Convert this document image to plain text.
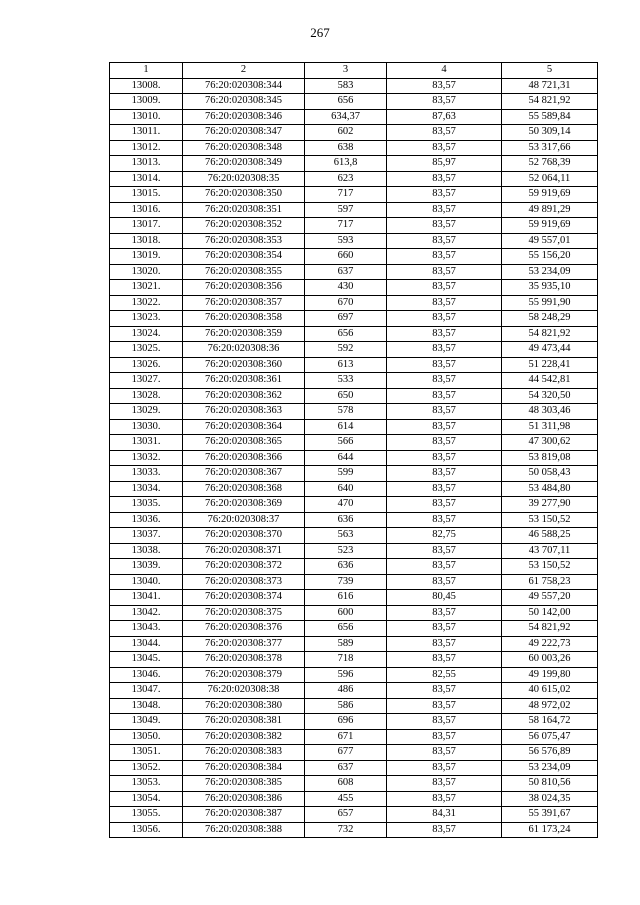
267
1	2	3	4	5
13008.	76:20:020308:344	583	83,57	48 721,31
13009.	76:20:020308:345	656	83,57	54 821,92
13010.	76:20:020308:346	634,37	87,63	55 589,84
13011.	76:20:020308:347	602	83,57	50 309,14
13012.	76:20:020308:348	638	83,57	53 317,66
13013.	76:20:020308:349	613,8	85,97	52 768,39
13014.	76:20:020308:35	623	83,57	52 064,11
13015.	76:20:020308:350	717	83,57	59 919,69
13016.	76:20:020308:351	597	83,57	49 891,29
13017.	76:20:020308:352	717	83,57	59 919,69
13018.	76:20:020308:353	593	83,57	49 557,01
13019.	76:20:020308:354	660	83,57	55 156,20
13020.	76:20:020308:355	637	83,57	53 234,09
13021.	76:20:020308:356	430	83,57	35 935,10
13022.	76:20:020308:357	670	83,57	55 991,90
13023.	76:20:020308:358	697	83,57	58 248,29
13024.	76:20:020308:359	656	83,57	54 821,92
13025.	76:20:020308:36	592	83,57	49 473,44
13026.	76:20:020308:360	613	83,57	51 228,41
13027.	76:20:020308:361	533	83,57	44 542,81
13028.	76:20:020308:362	650	83,57	54 320,50
13029.	76:20:020308:363	578	83,57	48 303,46
13030.	76:20:020308:364	614	83,57	51 311,98
13031.	76:20:020308:365	566	83,57	47 300,62
13032.	76:20:020308:366	644	83,57	53 819,08
13033.	76:20:020308:367	599	83,57	50 058,43
13034.	76:20:020308:368	640	83,57	53 484,80
13035.	76:20:020308:369	470	83,57	39 277,90
13036.	76:20:020308:37	636	83,57	53 150,52
13037.	76:20:020308:370	563	82,75	46 588,25
13038.	76:20:020308:371	523	83,57	43 707,11
13039.	76:20:020308:372	636	83,57	53 150,52
13040.	76:20:020308:373	739	83,57	61 758,23
13041.	76:20:020308:374	616	80,45	49 557,20
13042.	76:20:020308:375	600	83,57	50 142,00
13043.	76:20:020308:376	656	83,57	54 821,92
13044.	76:20:020308:377	589	83,57	49 222,73
13045.	76:20:020308:378	718	83,57	60 003,26
13046.	76:20:020308:379	596	82,55	49 199,80
13047.	76:20:020308:38	486	83,57	40 615,02
13048.	76:20:020308:380	586	83,57	48 972,02
13049.	76:20:020308:381	696	83,57	58 164,72
13050.	76:20:020308:382	671	83,57	56 075,47
13051.	76:20:020308:383	677	83,57	56 576,89
13052.	76:20:020308:384	637	83,57	53 234,09
13053.	76:20:020308:385	608	83,57	50 810,56
13054.	76:20:020308:386	455	83,57	38 024,35
13055.	76:20:020308:387	657	84,31	55 391,67
13056.	76:20:020308:388	732	83,57	61 173,24
